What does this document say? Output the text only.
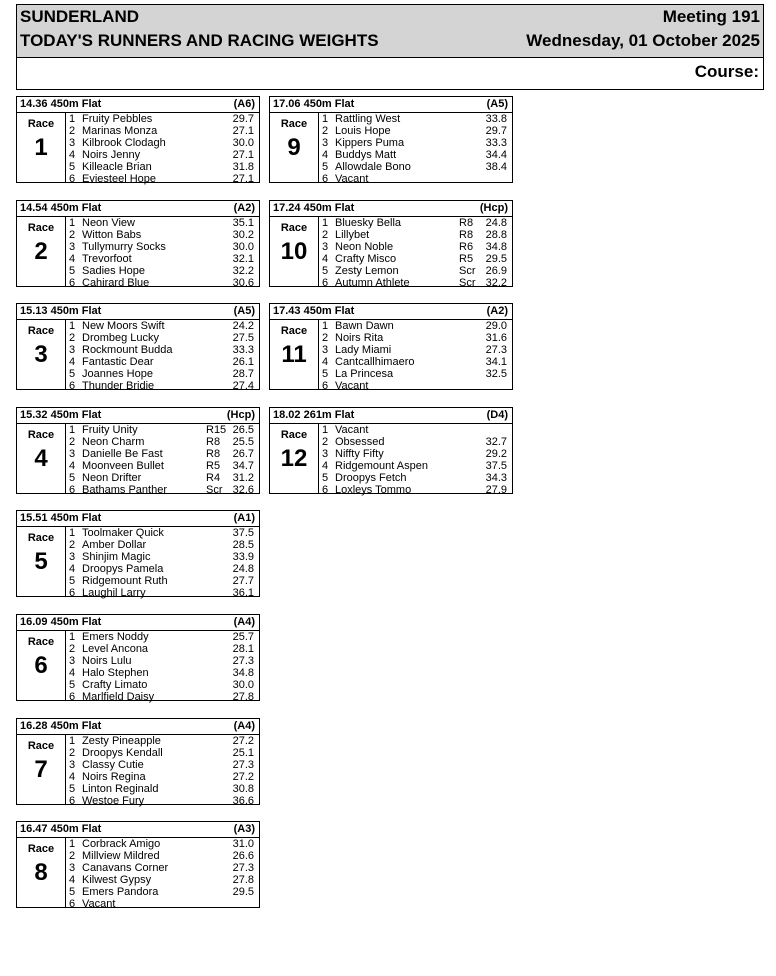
SUNDERLAND
TODAY'S RUNNERS AND RACING WEIGHTS
Meeting 191
Wednesday, 01 October 2025
Course:
14.36 450m Flat	(A6)
Race
1
1 Fruity Pebbles	29.7
2 Marinas Monza	27.1
3 Kilbrook Clodagh	30.0
4 Noirs Jenny	27.1
5 Killeacle Brian	31.8
6 Eviesteel Hope	27.1
14.54 450m Flat	(A2)
Race
2
1 Neon View	35.1
2 Witton Babs	30.2
3 Tullymurry Socks	30.0
4 Trevorfoot	32.1
5 Sadies Hope	32.2
6 Cahirard Blue	30.6
15.13 450m Flat	(A5)
Race
3
1 New Moors Swift	24.2
2 Drombeg Lucky	27.5
3 Rockmount Budda	33.3
4 Fantastic Dear	26.1
5 Joannes Hope	28.7
6 Thunder Bridie	27.4
15.32 450m Flat	(Hcp)
Race
4
1 Fruity Unity	R15 26.5
2 Neon Charm	R8 25.5
3 Danielle Be Fast	R8 26.7
4 Moonveen Bullet	R5 34.7
5 Neon Drifter	R4 31.2
6 Bathams Panther	Scr 32.6
15.51 450m Flat	(A1)
Race
5
1 Toolmaker Quick	37.5
2 Amber Dollar	28.5
3 Shinjim Magic	33.9
4 Droopys Pamela	24.8
5 Ridgemount Ruth	27.7
6 Laughil Larry	36.1
16.09 450m Flat	(A4)
Race
6
1 Emers Noddy	25.7
2 Level Ancona	28.1
3 Noirs Lulu	27.3
4 Halo Stephen	34.8
5 Crafty Limato	30.0
6 Marlfield Daisy	27.8
16.28 450m Flat	(A4)
Race
7
1 Zesty Pineapple	27.2
2 Droopys Kendall	25.1
3 Classy Cutie	27.3
4 Noirs Regina	27.2
5 Linton Reginald	30.8
6 Westoe Fury	36.6
16.47 450m Flat	(A3)
Race
8
1 Corbrack Amigo	31.0
2 Millview Mildred	26.6
3 Canavans Corner	27.3
4 Kilwest Gypsy	27.8
5 Emers Pandora	29.5
6 Vacant
17.06 450m Flat	(A5)
Race
9
1 Rattling West	33.8
2 Louis Hope	29.7
3 Kippers Puma	33.3
4 Buddys Matt	34.4
5 Allowdale Bono	38.4
6 Vacant
17.24 450m Flat	(Hcp)
Race
10
1 Bluesky Bella	R8 24.8
2 Lillybet	R8 28.8
3 Neon Noble	R6 34.8
4 Crafty Misco	R5 29.5
5 Zesty Lemon	Scr 26.9
6 Autumn Athlete	Scr 32.2
17.43 450m Flat	(A2)
Race
11
1 Bawn Dawn	29.0
2 Noirs Rita	31.6
3 Lady Miami	27.3
4 Cantcallhimaero	34.1
5 La Princesa	32.5
6 Vacant
18.02 261m Flat	(D4)
Race
12
1 Vacant
2 Obsessed	32.7
3 Niffty Fifty	29.2
4 Ridgemount Aspen	37.5
5 Droopys Fetch	34.3
6 Loxleys Tommo	27.9
